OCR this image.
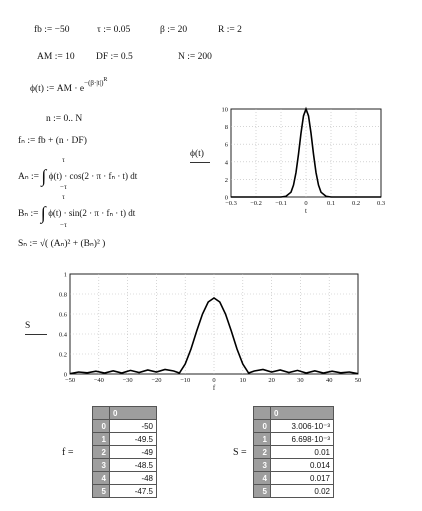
fb := −50	τ := 0.05	β := 20	R := 2
AM := 10 DF := 0.5	N := 200
ϕ(t) := AM · $e^{-(\beta\cdot|t|)R}$
n := 0.. N
fₙ := fb + (n · DF)
Aₙ := ∫ ϕ(t) · cos(2 · π · fₙ · t) dt
τ
−τ
Bₙ := ∫ ϕ(t) · sin(2 · π · fₙ · t) dt
τ
−τ
Sₙ := √( (Aₙ)² + (Bₙ)² )
ϕ(t)
−0.3 −0.2 −0.1	0	0.1	0.2	0.3
0
2
4
6
8
10
t
S
−50	−40	−30	−20	−10	0	10	20	30	40	50
0
0.2
0.4
0.6
0.8
1
f
f =
	0
0	-50
1	-49.5
2	-49
3	-48.5
4	-48
5	-47.5
S =
	0
0	3.006·10⁻³
1	6.698·10⁻³
2	0.01
3	0.014
4	0.017
5	0.02
